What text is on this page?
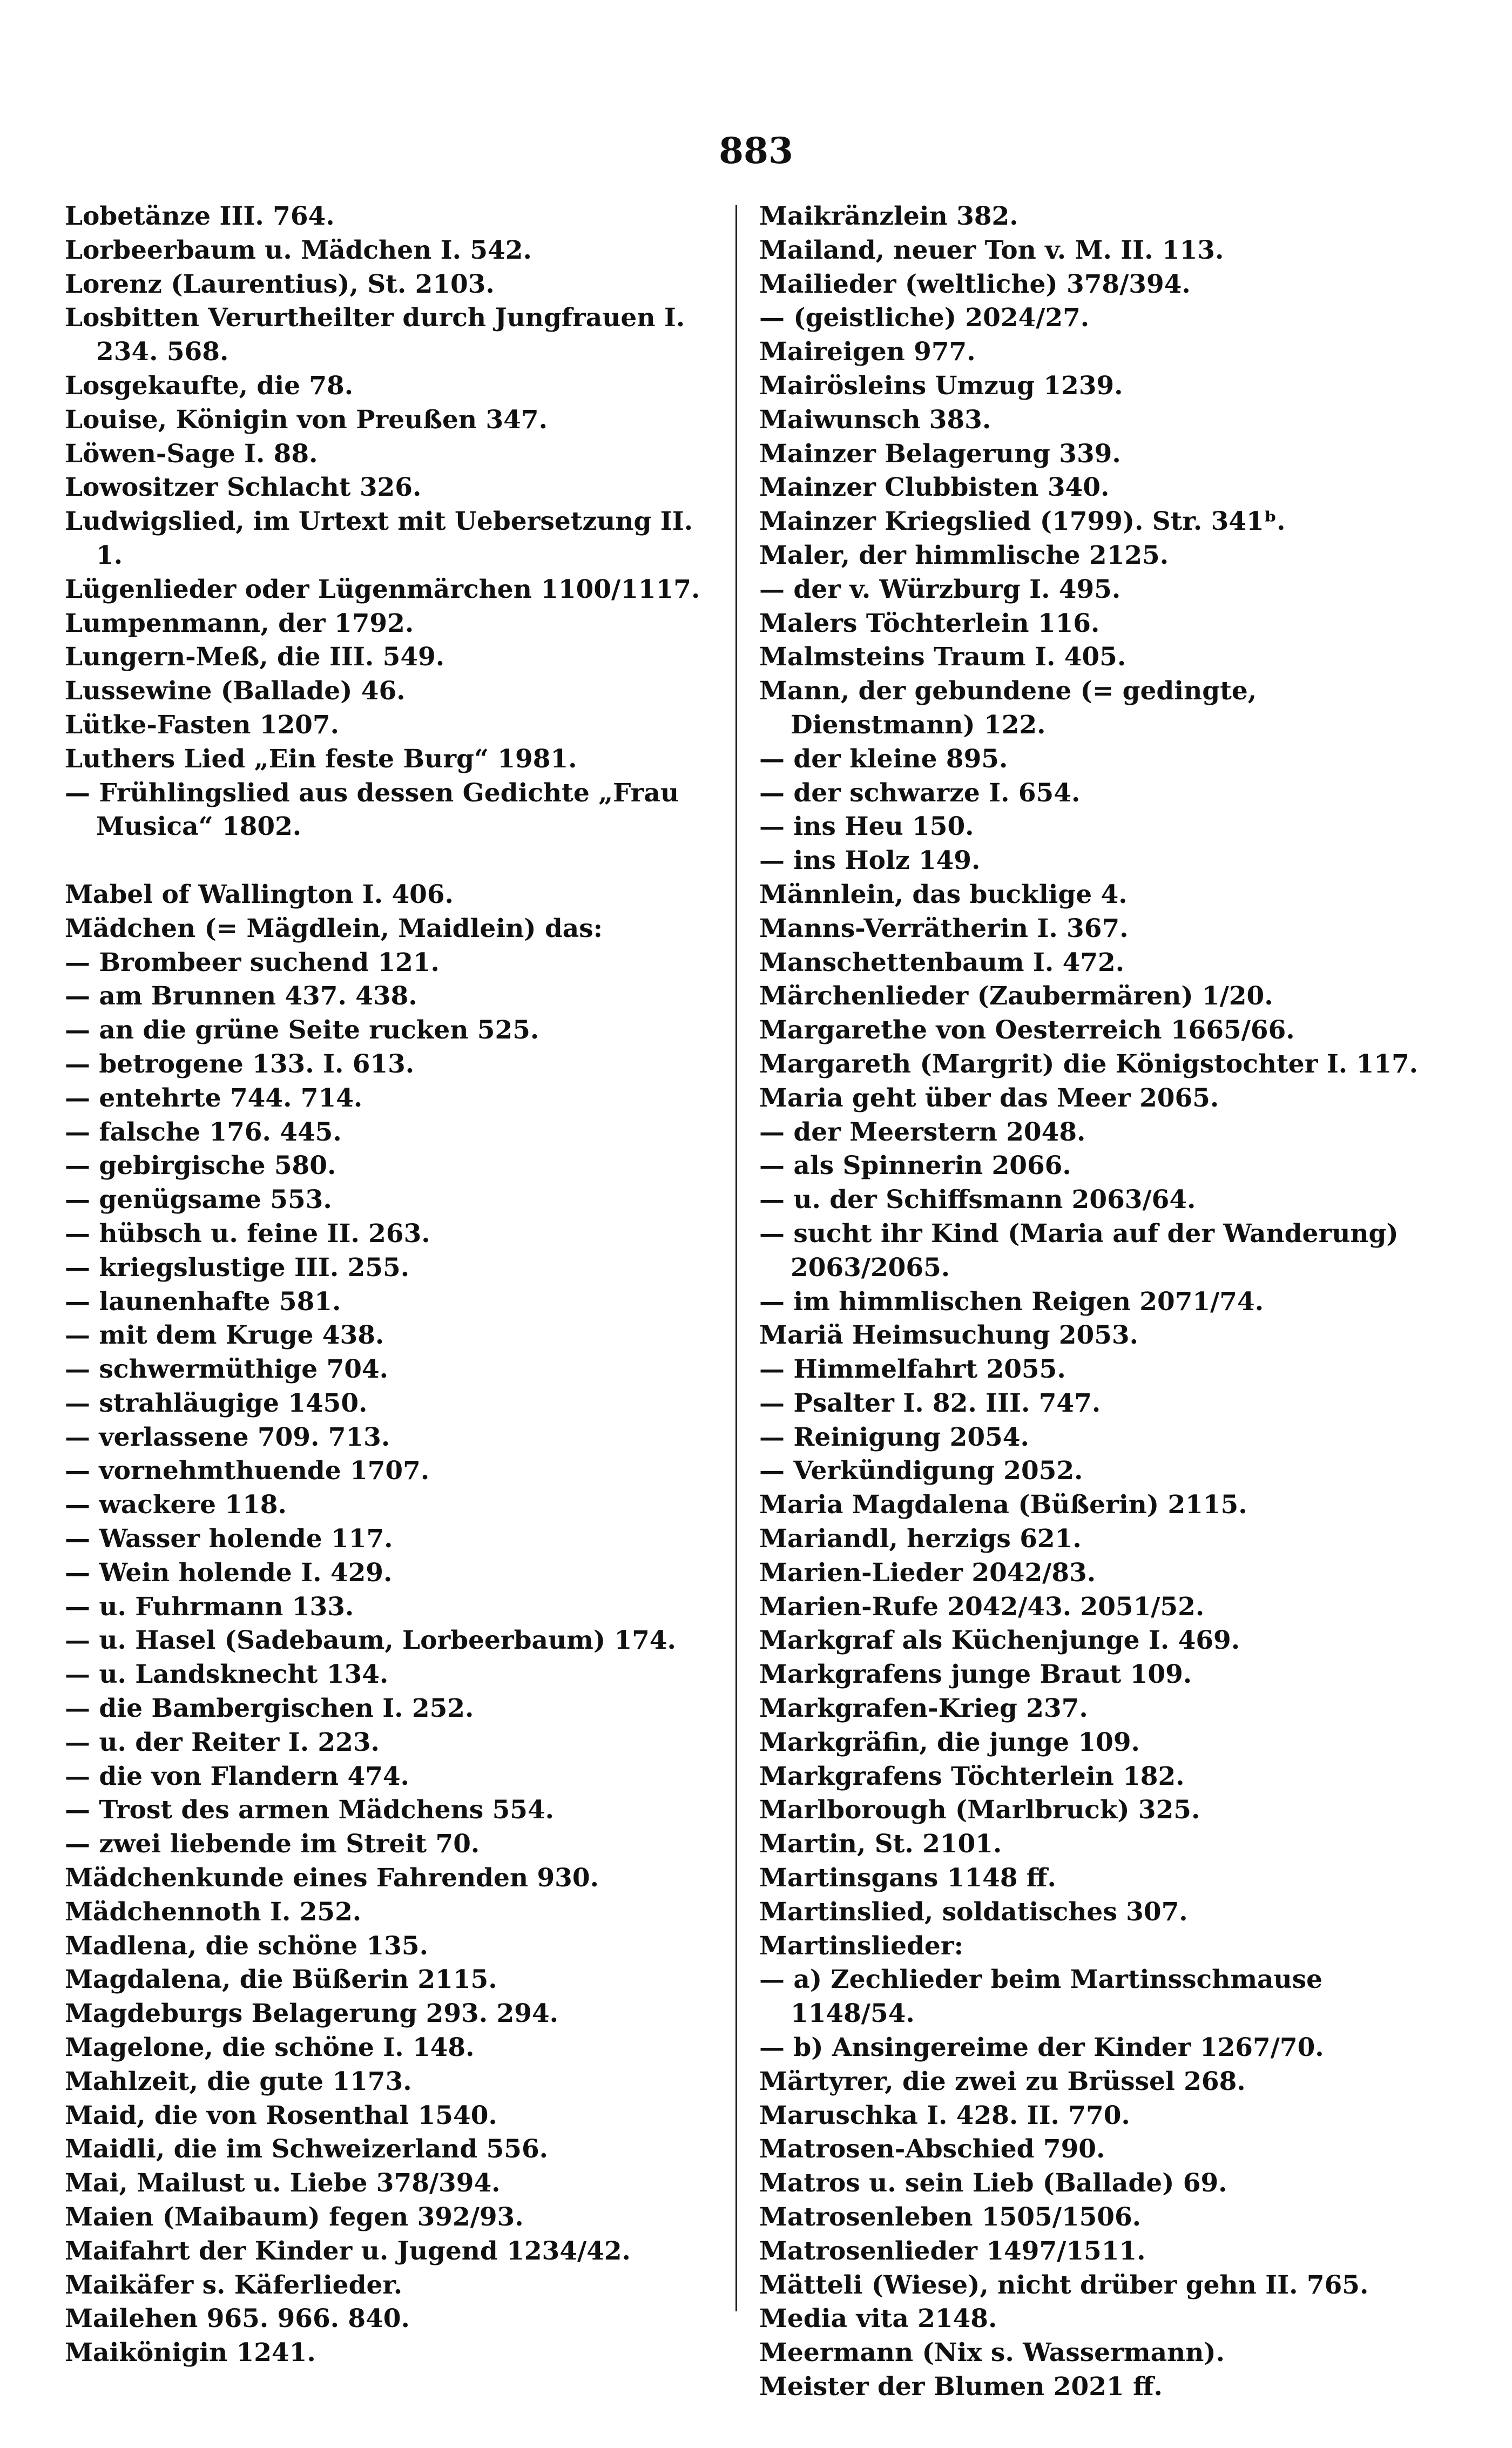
883
Lobetänze III. 764.
Lorbeerbaum u. Mädchen I. 542.
Lorenz (Laurentius), St. 2103.
Losbitten Verurtheilter durch Jungfrauen I. 234. 568.
Losgekaufte, die 78.
Louise, Königin von Preußen 347.
Löwen-Sage I. 88.
Lowositzer Schlacht 326.
Ludwigslied, im Urtext mit Uebersetzung II. 1.
Lügenlieder oder Lügenmärchen 1100/1117.
Lumpenmann, der 1792.
Lungern-Meß, die III. 549.
Lussewine (Ballade) 46.
Lütke-Fasten 1207.
Luthers Lied „Ein feste Burg“ 1981.
— Frühlingslied aus dessen Gedichte „Frau Musica“ 1802.
Mabel of Wallington I. 406.
Mädchen (= Mägdlein, Maidlein) das:
— Brombeer suchend 121.
— am Brunnen 437. 438.
— an die grüne Seite rucken 525.
— betrogene 133. I. 613.
— entehrte 744. 714.
— falsche 176. 445.
— gebirgische 580.
— genügsame 553.
— hübsch u. feine II. 263.
— kriegslustige III. 255.
— launenhafte 581.
— mit dem Kruge 438.
— schwermüthige 704.
— strahläugige 1450.
— verlassene 709. 713.
— vornehmthuende 1707.
— wackere 118.
— Wasser holende 117.
— Wein holende I. 429.
— u. Fuhrmann 133.
— u. Hasel (Sadebaum, Lorbeerbaum) 174.
— u. Landsknecht 134.
— die Bambergischen I. 252.
— u. der Reiter I. 223.
— die von Flandern 474.
— Trost des armen Mädchens 554.
— zwei liebende im Streit 70.
Mädchenkunde eines Fahrenden 930.
Mädchennoth I. 252.
Madlena, die schöne 135.
Magdalena, die Büßerin 2115.
Magdeburgs Belagerung 293. 294.
Magelone, die schöne I. 148.
Mahlzeit, die gute 1173.
Maid, die von Rosenthal 1540.
Maidli, die im Schweizerland 556.
Mai, Mailust u. Liebe 378/394.
Maien (Maibaum) fegen 392/93.
Maifahrt der Kinder u. Jugend 1234/42.
Maikäfer s. Käferlieder.
Mailehen 965. 966. 840.
Maikönigin 1241.
Maikränzlein 382.
Mailand, neuer Ton v. M. II. 113.
Mailieder (weltliche) 378/394.
— (geistliche) 2024/27.
Maireigen 977.
Mairösleins Umzug 1239.
Maiwunsch 383.
Mainzer Belagerung 339.
Mainzer Clubbisten 340.
Mainzer Kriegslied (1799). Str. 341ᵇ.
Maler, der himmlische 2125.
— der v. Würzburg I. 495.
Malers Töchterlein 116.
Malmsteins Traum I. 405.
Mann, der gebundene (= gedingte, Dienstmann) 122.
— der kleine 895.
— der schwarze I. 654.
— ins Heu 150.
— ins Holz 149.
Männlein, das bucklige 4.
Manns-Verrätherin I. 367.
Manschettenbaum I. 472.
Märchenlieder (Zaubermären) 1/20.
Margarethe von Oesterreich 1665/66.
Margareth (Margrit) die Königstochter I. 117.
Maria geht über das Meer 2065.
— der Meerstern 2048.
— als Spinnerin 2066.
— u. der Schiffsmann 2063/64.
— sucht ihr Kind (Maria auf der Wanderung) 2063/2065.
— im himmlischen Reigen 2071/74.
Mariä Heimsuchung 2053.
— Himmelfahrt 2055.
— Psalter I. 82. III. 747.
— Reinigung 2054.
— Verkündigung 2052.
Maria Magdalena (Büßerin) 2115.
Mariandl, herzigs 621.
Marien-Lieder 2042/83.
Marien-Rufe 2042/43. 2051/52.
Markgraf als Küchenjunge I. 469.
Markgrafens junge Braut 109.
Markgrafen-Krieg 237.
Markgräfin, die junge 109.
Markgrafens Töchterlein 182.
Marlborough (Marlbruck) 325.
Martin, St. 2101.
Martinsgans 1148 ff.
Martinslied, soldatisches 307.
Martinslieder:
— a) Zechlieder beim Martinsschmause 1148/54.
— b) Ansingereime der Kinder 1267/70.
Märtyrer, die zwei zu Brüssel 268.
Maruschka I. 428. II. 770.
Matrosen-Abschied 790.
Matros u. sein Lieb (Ballade) 69.
Matrosenleben 1505/1506.
Matrosenlieder 1497/1511.
Mätteli (Wiese), nicht drüber gehn II. 765.
Media vita 2148.
Meermann (Nix s. Wassermann).
Meister der Blumen 2021 ff.
